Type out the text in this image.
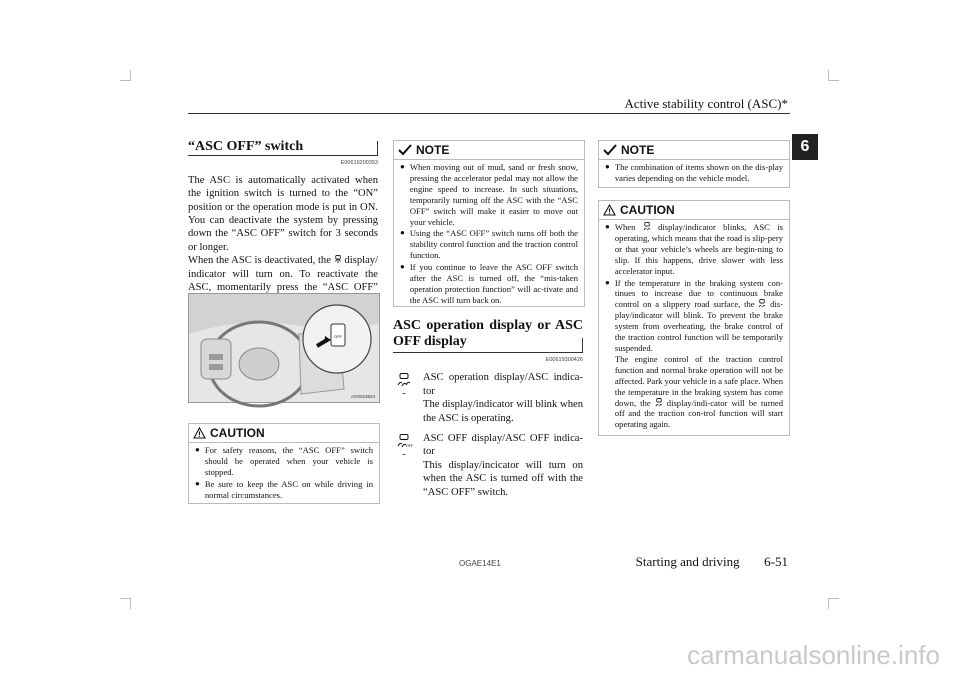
Active stability control (ASC)*
6
“ASC OFF” switch
E00619200353
The ASC is automatically activated when the ignition switch is turned to the “ON” position or the operation mode is put in ON. You can deactivate the system by pressing down the “ASC OFF” switch for 3 seconds or longer.
When the ASC is deactivated, the display/ indicator will turn on. To reactivate the ASC, momentarily press the “ASC OFF”
OFF
AG0023824
CAUTION
● For safety reasons, the “ASC OFF” switch should be operated when your vehicle is stopped.
● Be sure to keep the ASC on while driving in normal circumstances.
NOTE
● When moving out of mud, sand or fresh snow, pressing the accelerator pedal may not allow the engine speed to increase. In such situations, temporarily turning off the ASC with the “ASC OFF” switch will make it easier to move out your vehicle.
● Using the “ASC OFF” switch turns off both the stability control function and the traction control function.
● If you continue to leave the ASC OFF switch after the ASC is turned off, the “mis-taken operation protection function” will ac-tivate and the ASC will turn back on.
ASC operation display or ASC OFF display
E00619300426
-
ASC operation display/ASC indica-tor
The display/indicator will blink when the ASC is operating.
OFF
-
ASC OFF display/ASC OFF indica-tor
This display/incicator will turn on when the ASC is turned off with the “ASC OFF” switch.
NOTE
● The combination of items shown on the dis-play varies depending on the vehicle model.
CAUTION
● When	display/indicator blinks, ASC is operating, which means that the road is slip-pery or that your vehicle’s wheels are begin-ning to slip. If this happens, drive slower with less accelerator input.
● If the temperature in the braking system con-tinues to increase due to continuous brake control on a slippery road surface, the dis-play/indicator will blink. To prevent the brake system from overheating, the brake control of the traction control function will be temporarily suspended.
The engine control of the traction control function and normal brake operation will not be affected. Park your vehicle in a safe place. When the temperature in the braking system has come down, the display/indi-cator will be turned off and the traction con-trol function will start operating again.
OGAE14E1	Starting and driving 6-51
carmanualsonline.info
